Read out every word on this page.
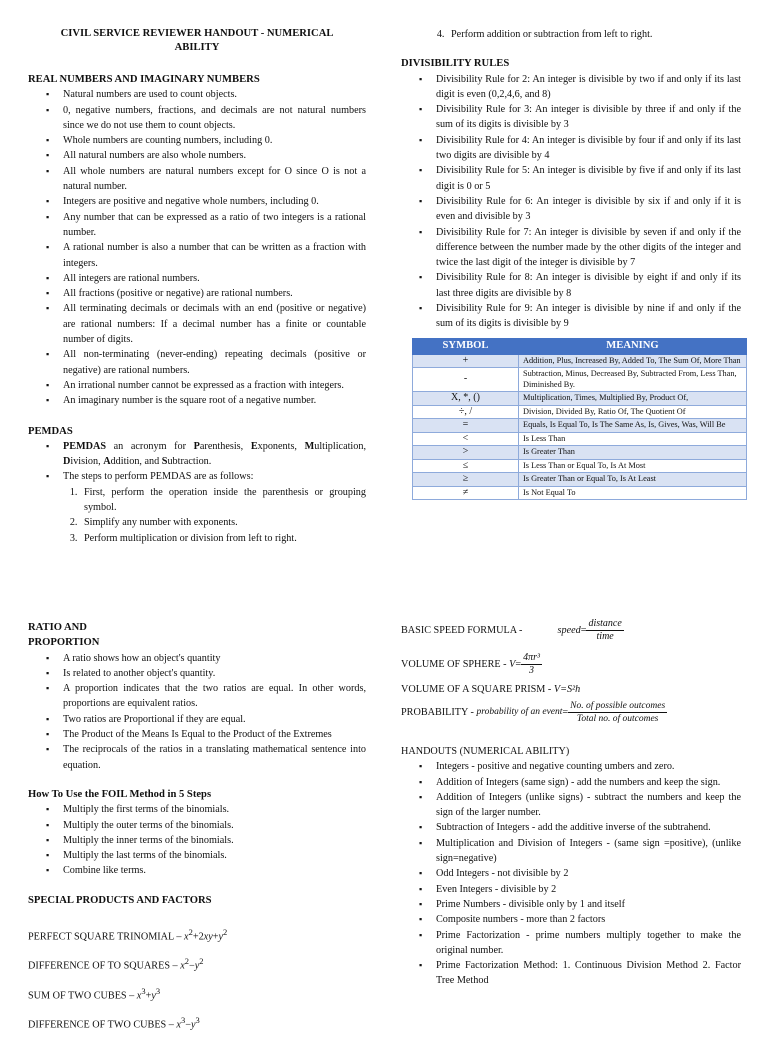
CIVIL SERVICE REVIEWER HANDOUT - NUMERICAL ABILITY
REAL NUMBERS AND IMAGINARY NUMBERS
▪ Natural numbers are used to count objects.
▪ 0, negative numbers, fractions, and decimals are not natural numbers since we do not use them to count objects.
▪ Whole numbers are counting numbers, including 0.
▪ All natural numbers are also whole numbers.
▪ All whole numbers are natural numbers except for O since O is not a natural number.
▪ Integers are positive and negative whole numbers, including 0.
▪ Any number that can be expressed as a ratio of two integers is a rational number.
▪ A rational number is also a number that can be written as a fraction with integers.
▪ All integers are rational numbers.
▪ All fractions (positive or negative) are rational numbers.
▪ All terminating decimals or decimals with an end (positive or negative) are rational numbers: If a decimal number has a finite or countable number of digits.
▪ All non-terminating (never-ending) repeating decimals (positive or negative) are rational numbers.
▪ An irrational number cannot be expressed as a fraction with integers.
▪ An imaginary number is the square root of a negative number.
PEMDAS
▪ PEMDAS an acronym for Parenthesis, Exponents, Multiplication, Division, Addition, and Subtraction.
▪ The steps to perform PEMDAS are as follows:
1. First, perform the operation inside the parenthesis or grouping symbol.
2. Simplify any number with exponents.
3. Perform multiplication or division from left to right.
4. Perform addition or subtraction from left to right.
DIVISIBILITY RULES
▪ Divisibility Rule for 2: An integer is divisible by two if and only if its last digit is even (0,2,4,6, and 8)
▪ Divisibility Rule for 3: An integer is divisible by three if and only if the sum of its digits is divisible by 3
▪ Divisibility Rule for 4: An integer is divisible by four if and only if its last two digits are divisible by 4
▪ Divisibility Rule for 5: An integer is divisible by five if and only if its last digit is 0 or 5
▪ Divisibility Rule for 6: An integer is divisible by six if and only if it is even and divisible by 3
▪ Divisibility Rule for 7: An integer is divisible by seven if and only if the difference between the number made by the other digits of the integer and twice the last digit of the integer is divisible by 7
▪ Divisibility Rule for 8: An integer is divisible by eight if and only if its last three digits are divisible by 8
▪ Divisibility Rule for 9: An integer is divisible by nine if and only if the sum of its digits is divisible by 9
SYMBOL	MEANING
+	Addition, Plus, Increased By, Added To, The Sum Of, More Than
-	Subtraction, Minus, Decreased By, Subtracted From, Less Than, Diminished By.
X, *, ()	Multiplication, Times, Multiplied By, Product Of,
÷, /	Division, Divided By, Ratio Of, The Quotient Of
=	Equals, Is Equal To, Is The Same As, Is, Gives, Was, Will Be
<	Is Less Than
>	Is Greater Than
≤	Is Less Than or Equal To, Is At Most
≥	Is Greater Than or Equal To, Is At Least
≠	Is Not Equal To
RATIO AND
PROPORTION
▪ A ratio shows how an object's quantity
▪ Is related to another object's quantity.
▪ A proportion indicates that the two ratios are equal. In other words, proportions are equivalent ratios.
▪ Two ratios are Proportional if they are equal.
▪ The Product of the Means Is Equal to the Product of the Extremes
▪ The reciprocals of the ratios in a translating mathematical sentence into equation.
How To Use the FOIL Method in 5 Steps
▪ Multiply the first terms of the binomials.
▪ Multiply the outer terms of the binomials.
▪ Multiply the inner terms of the binomials.
▪ Multiply the last terms of the binomials.
▪ Combine like terms.
SPECIAL PRODUCTS AND FACTORS
PERFECT SQUARE TRINOMIAL – $x^2+2xy+y^2$
DIFFERENCE OF TO SQUARES – $x^2-y^2$
SUM OF TWO CUBES – $x^3+y^3$
DIFFERENCE OF TWO CUBES – $x^3-y^3$
BASIC SPEED FORMULA -	speed= $\frac{\text{distance}}{\text{time}}$
VOLUME OF SPHERE - $V= \frac{\text{4πr³}}{3}$
VOLUME OF A SQUARE PRISM - V=S²h
PROBABILITY - probability of an event= $\frac{\text{No. of possible outcomes}}{\text{Total no. of outcomes}}$
HANDOUTS (NUMERICAL ABILITY)
▪ Integers - positive and negative counting umbers and zero.
▪ Addition of Integers (same sign) - add the numbers and keep the sign.
▪ Addition of Integers (unlike signs) - subtract the numbers and keep the sign of the larger number.
▪ Subtraction of Integers - add the additive inverse of the subtrahend.
▪ Multiplication and Division of Integers - (same sign =positive), (unlike sign=negative)
▪ Odd Integers - not divisible by 2
▪ Even Integers - divisible by 2
▪ Prime Numbers - divisible only by 1 and itself
▪ Composite numbers - more than 2 factors
▪ Prime Factorization - prime numbers multiply together to make the original number.
▪ Prime Factorization Method: 1. Continuous Division Method 2. Factor Tree Method
